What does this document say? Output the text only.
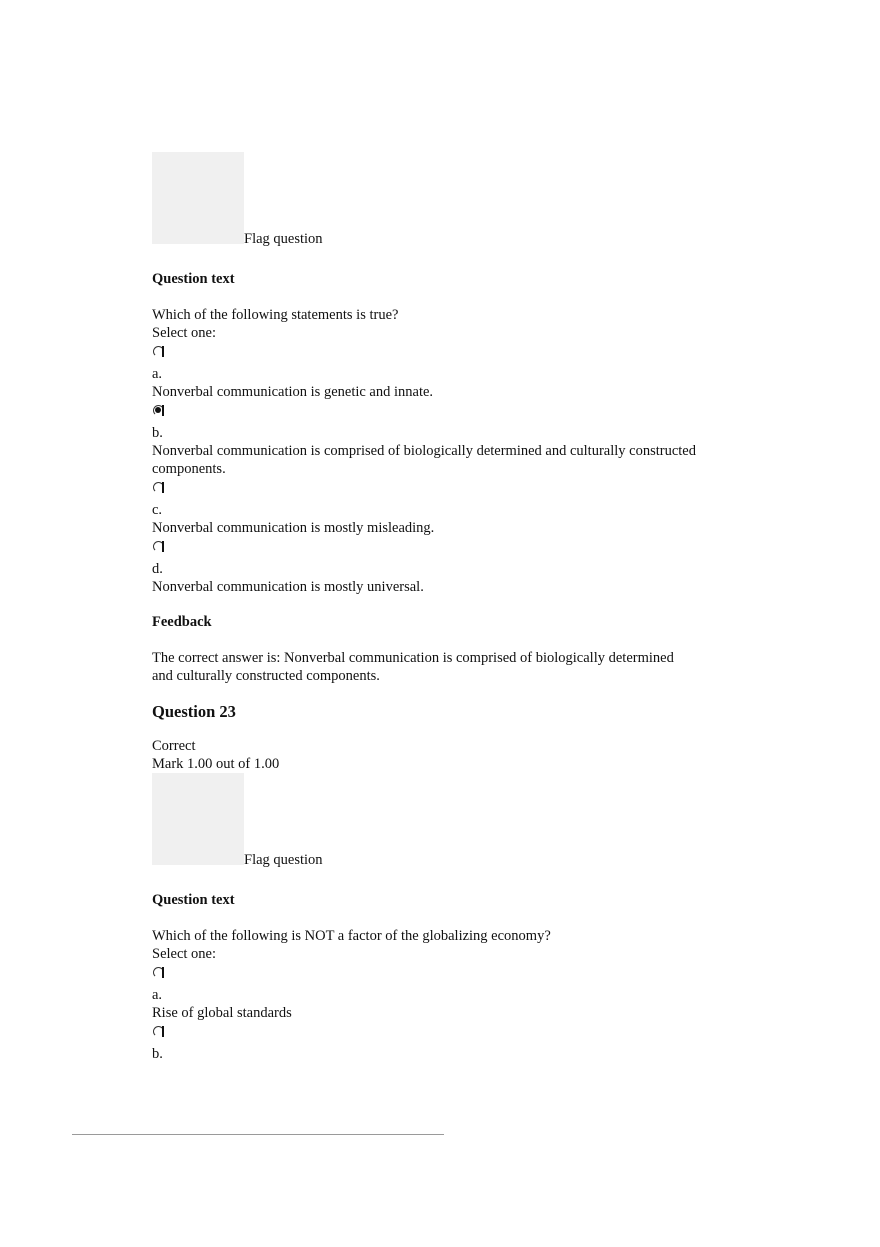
Flag question
Question text
Which of the following statements is true?
Select one:
a.
Nonverbal communication is genetic and innate.
b.
Nonverbal communication is comprised of biologically determined and culturally constructed
components.
c.
Nonverbal communication is mostly misleading.
d.
Nonverbal communication is mostly universal.
Feedback
The correct answer is: Nonverbal communication is comprised of biologically determined
and culturally constructed components.
Question 23
Correct
Mark 1.00 out of 1.00
Flag question
Question text
Which of the following is NOT a factor of the globalizing economy?
Select one:
a.
Rise of global standards
b.
